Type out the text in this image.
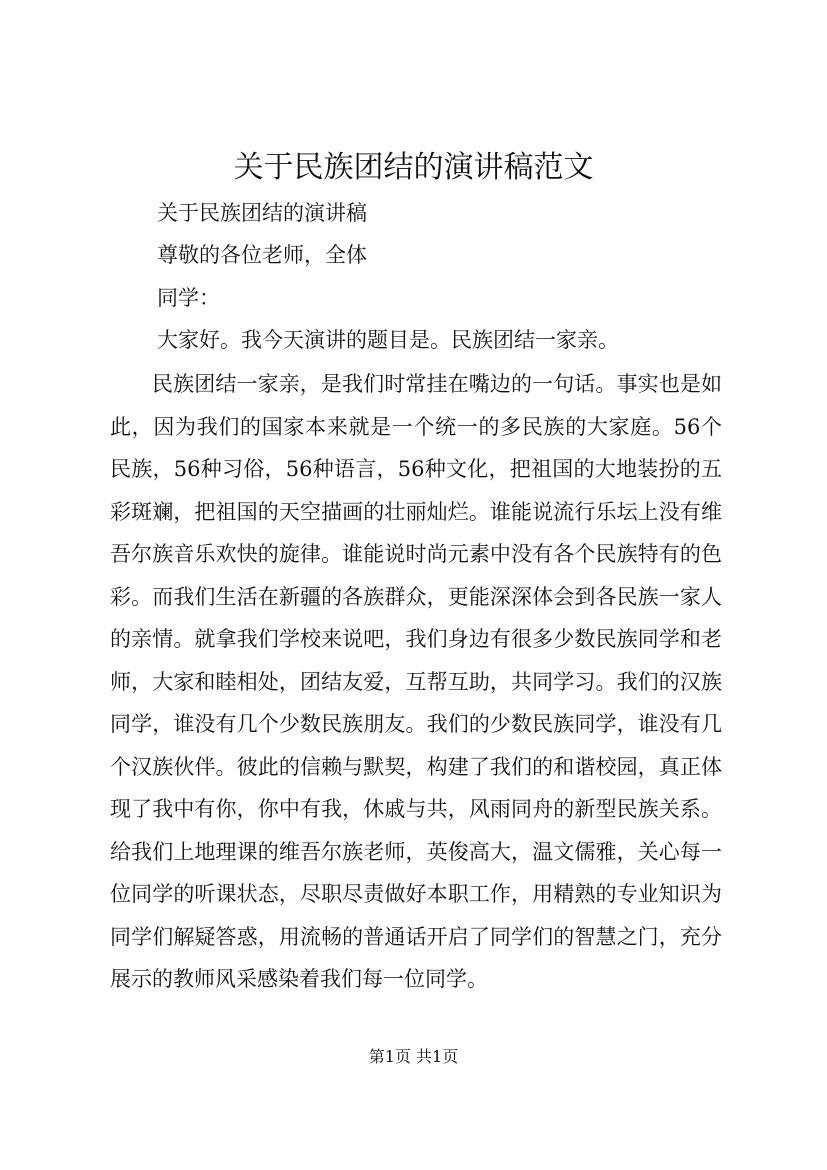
关于民族团结的演讲稿范文
关于民族团结的演讲稿
尊敬的各位老师，全体
同学：
大家好。我今天演讲的题目是。民族团结一家亲。

民族团结一家亲，是我们时常挂在嘴边的一句话。事实也是如此，因为我们的国家本来就是一个统一的多民族的大家庭。56个民族，56种习俗，56种语言，56种文化，把祖国的大地装扮的五彩斑斓，把祖国的天空描画的壮丽灿烂。谁能说流行乐坛上没有维吾尔族音乐欢快的旋律。谁能说时尚元素中没有各个民族特有的色彩。而我们生活在新疆的各族群众，更能深深体会到各民族一家人的亲情。就拿我们学校来说吧，我们身边有很多少数民族同学和老师，大家和睦相处，团结友爱，互帮互助，共同学习。我们的汉族同学，谁没有几个少数民族朋友。我们的少数民族同学，谁没有几个汉族伙伴。彼此的信赖与默契，构建了我们的和谐校园，真正体现了我中有你，你中有我，休戚与共，风雨同舟的新型民族关系。给我们上地理课的维吾尔族老师，英俊高大，温文儒雅，关心每一位同学的听课状态，尽职尽责做好本职工作，用精熟的专业知识为同学们解疑答惑，用流畅的普通话开启了同学们的智慧之门，充分展示的教师风采感染着我们每一位同学。

第1页 共1页
